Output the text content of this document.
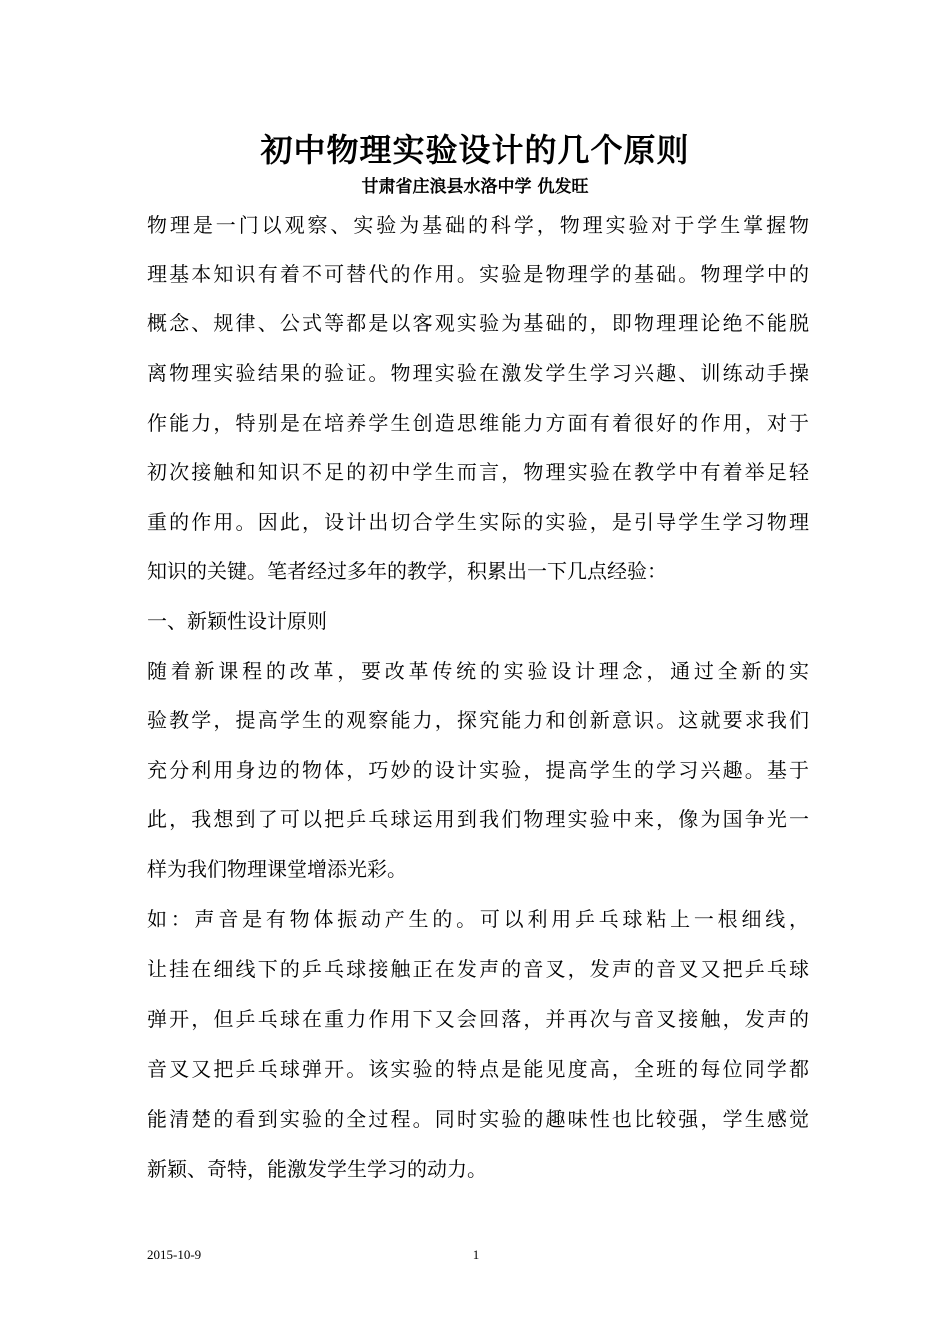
初中物理实验设计的几个原则
甘肃省庄浪县水洛中学 仇发旺
物理是一门以观察、实验为基础的科学，物理实验对于学生掌握物
理基本知识有着不可替代的作用。实验是物理学的基础。物理学中的
概念、规律、公式等都是以客观实验为基础的，即物理理论绝不能脱
离物理实验结果的验证。物理实验在激发学生学习兴趣、训练动手操
作能力，特别是在培养学生创造思维能力方面有着很好的作用，对于
初次接触和知识不足的初中学生而言，物理实验在教学中有着举足轻
重的作用。因此，设计出切合学生实际的实验，是引导学生学习物理
知识的关键。笔者经过多年的教学，积累出一下几点经验：
一、新颖性设计原则
随着新课程的改革，要改革传统的实验设计理念，通过全新的实
验教学，提高学生的观察能力，探究能力和创新意识。这就要求我们
充分利用身边的物体，巧妙的设计实验，提高学生的学习兴趣。基于
此，我想到了可以把乒乓球运用到我们物理实验中来，像为国争光一
样为我们物理课堂增添光彩。
如：声音是有物体振动产生的。可以利用乒乓球粘上一根细线，
让挂在细线下的乒乓球接触正在发声的音叉，发声的音叉又把乒乓球
弹开，但乒乓球在重力作用下又会回落，并再次与音叉接触，发声的
音叉又把乒乓球弹开。该实验的特点是能见度高，全班的每位同学都
能清楚的看到实验的全过程。同时实验的趣味性也比较强，学生感觉
新颖、奇特，能激发学生学习的动力。
2015-10-9	1
